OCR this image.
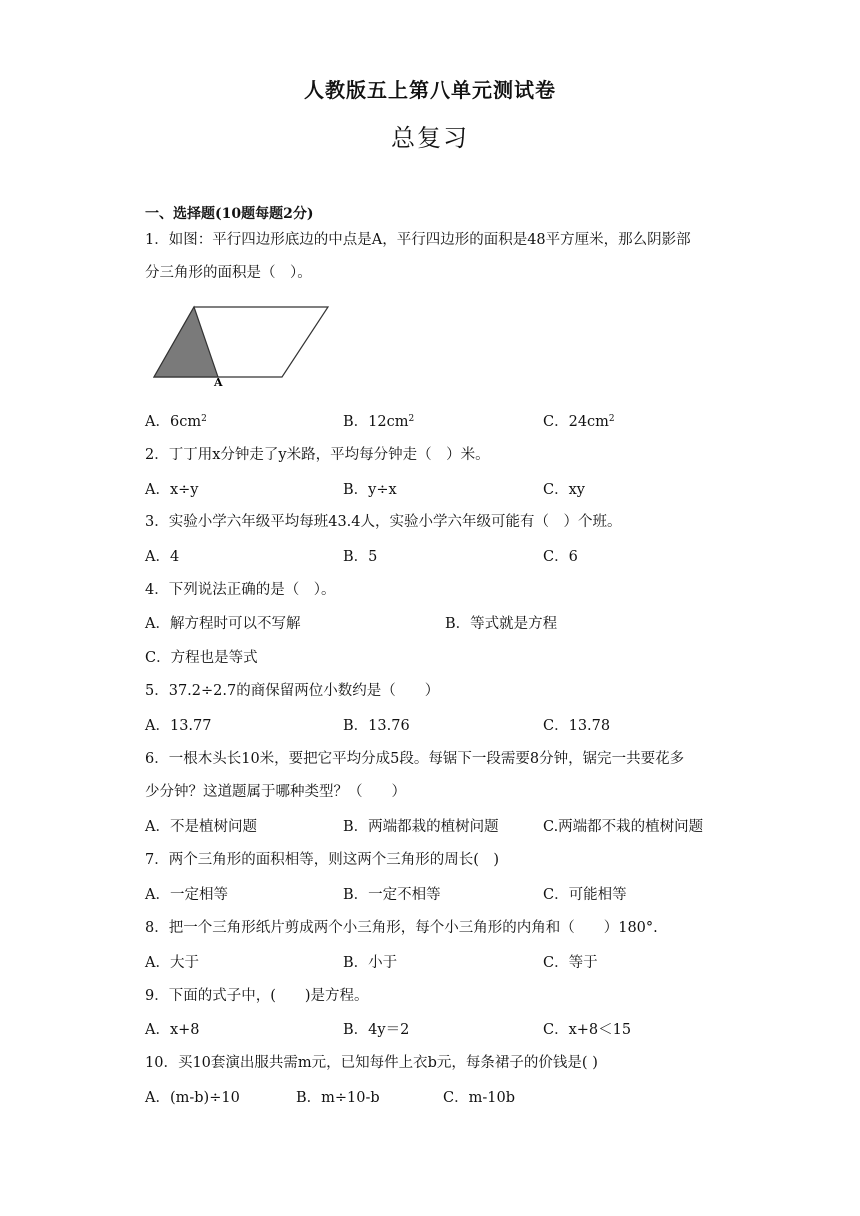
人教版五上第八单元测试卷
总复习
一、选择题(10题每题2分)
1．如图：平行四边形底边的中点是A，平行四边形的面积是48平方厘米，那么阴影部
分三角形的面积是（　）。
A
A．$6cm^2$	B．$12cm^2$	C．$24cm^2$
2．丁丁用x分钟走了y米路，平均每分钟走（　）米。
A．x÷y	B．y÷x	C．xy
3．实验小学六年级平均每班43.4人，实验小学六年级可能有（　）个班。
A．4	B．5	C．6
4．下列说法正确的是（　）。
A．解方程时可以不写解	B．等式就是方程
C．方程也是等式
5．37.2÷2.7的商保留两位小数约是（　　）
A．13.77	B．13.76	C．13.78
6．一根木头长10米，要把它平均分成5段。每锯下一段需要8分钟，锯完一共要花多
少分钟？这道题属于哪种类型？（　　）
A．不是植树问题	B．两端都栽的植树问题	C.两端都不栽的植树问题
7．两个三角形的面积相等，则这两个三角形的周长(　)
A．一定相等	B．一定不相等	C．可能相等
8．把一个三角形纸片剪成两个小三角形，每个小三角形的内角和（　　）180°.
A．大于	B．小于	C．等于
9．下面的式子中，(　　)是方程。
A．x+8	B．4y＝2	C．x+8＜15
10．买10套演出服共需m元，已知每件上衣b元，每条裙子的价钱是( )
A．(m-b)÷10	B．m÷10-b	C．m-10b
